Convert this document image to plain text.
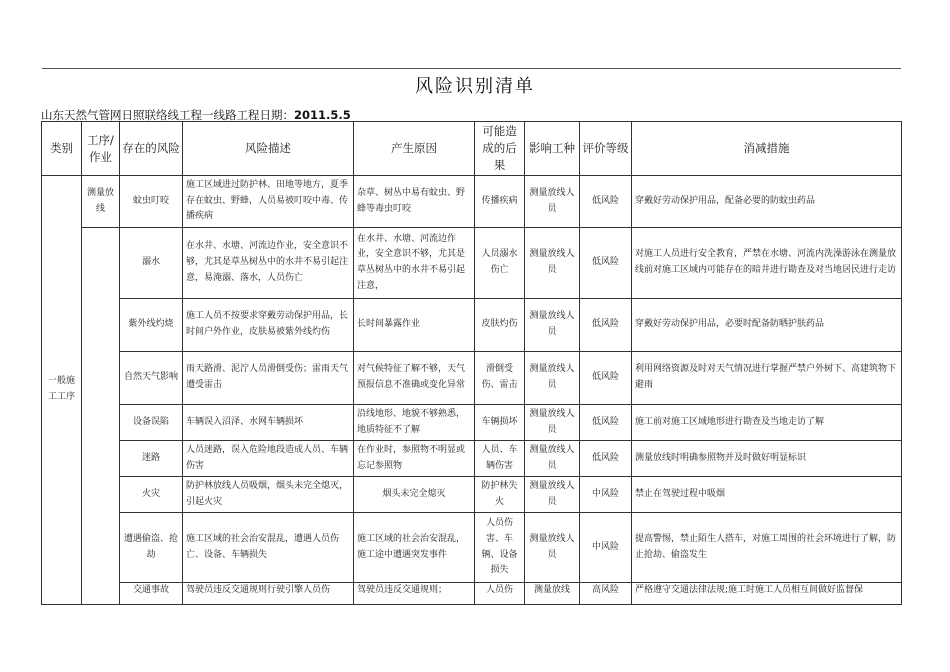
风险识别清单
山东天然气管网日照联络线工程一线路工程日期：2011.5.5
类别	工序/作业	存在的风险	风险描述	产生原因	可能造成的后果	影响工种	评价等级	消减措施
一般施工工序	测量放线	蚊虫叮咬	施工区域进过防护林、田地等地方，夏季存在蚊虫、野蜂，人员易被叮咬中毒、传播疾病	杂草、树丛中易有蚊虫、野蜂等毒虫叮咬	传播疾病	测量放线人员	低风险	穿戴好劳动保护用品，配备必要的防蚊虫药品
		溺水	在水井、水塘、河流边作业，安全意识不够，尤其是草丛树丛中的水井不易引起注意，易淹溺、落水，人员伤亡	在水井、水塘、河流边作业，安全意识不够，尤其是草丛树丛中的水井不易引起注意，	人员溺水伤亡	测量放线人员	低风险	对施工人员进行安全教育，严禁在水塘、河流内洗澡游泳在测量放线前对施工区域内可能存在的暗井进行勘查及对当地居民进行走访
		紫外线灼烧	施工人员不按要求穿戴劳动保护用品，长时间户外作业，皮肤易被紫外线灼伤	长时间暴露作业	皮肤灼伤	测量放线人员	低风险	穿戴好劳动保护用品，必要时配备防晒护肤药品
		自然天气影响	雨天路滑、泥泞人员滑倒受伤；雷雨天气遭受雷击	对气候特征了解不够，天气预报信息不准确或变化异常	滑倒受伤、雷击	测量放线人员	低风险	利用网络资源及时对天气情况进行掌握严禁户外树下、高建筑物下避雨
		设备误陷	车辆误入沼泽、水网车辆损坏	沿线地形、地貌不够熟悉，地质特征不了解	车辆损坏	测量放线人员	低风险	施工前对施工区域地形进行勘查及当地走访了解
		迷路	人员迷路，误入危险地段造成人员、车辆伤害	在作业时，参照物不明显或忘记参照物	人员、车辆伤害	测量放线人员	低风险	测量放线时明确参照物并及时做好明显标识
		火灾	防护林放线人员吸烟，烟头未完全熄灭，引起火灾	烟头未完全熄灭	防护林失火	测量放线人员	中风险	禁止在驾驶过程中吸烟
		遭遇偷盗、抢劫	施工区域的社会治安混乱，遭遇人员伤亡、设备、车辆损失	施工区域的社会治安混乱，施工途中遭遇突发事件	人员伤害、车辆、设备损失	测量放线人员	中风险	提高警惕，禁止陌生人搭车，对施工周围的社会环境进行了解，防止抢劫、偷盗发生
		交通事故	驾驶员违反交通规则行驶引擎人员伤	驾驶员违反交通规则；	人员伤	测量放线	高风险	严格遵守交通法律法规;施工时施工人员相互间做好监督保
